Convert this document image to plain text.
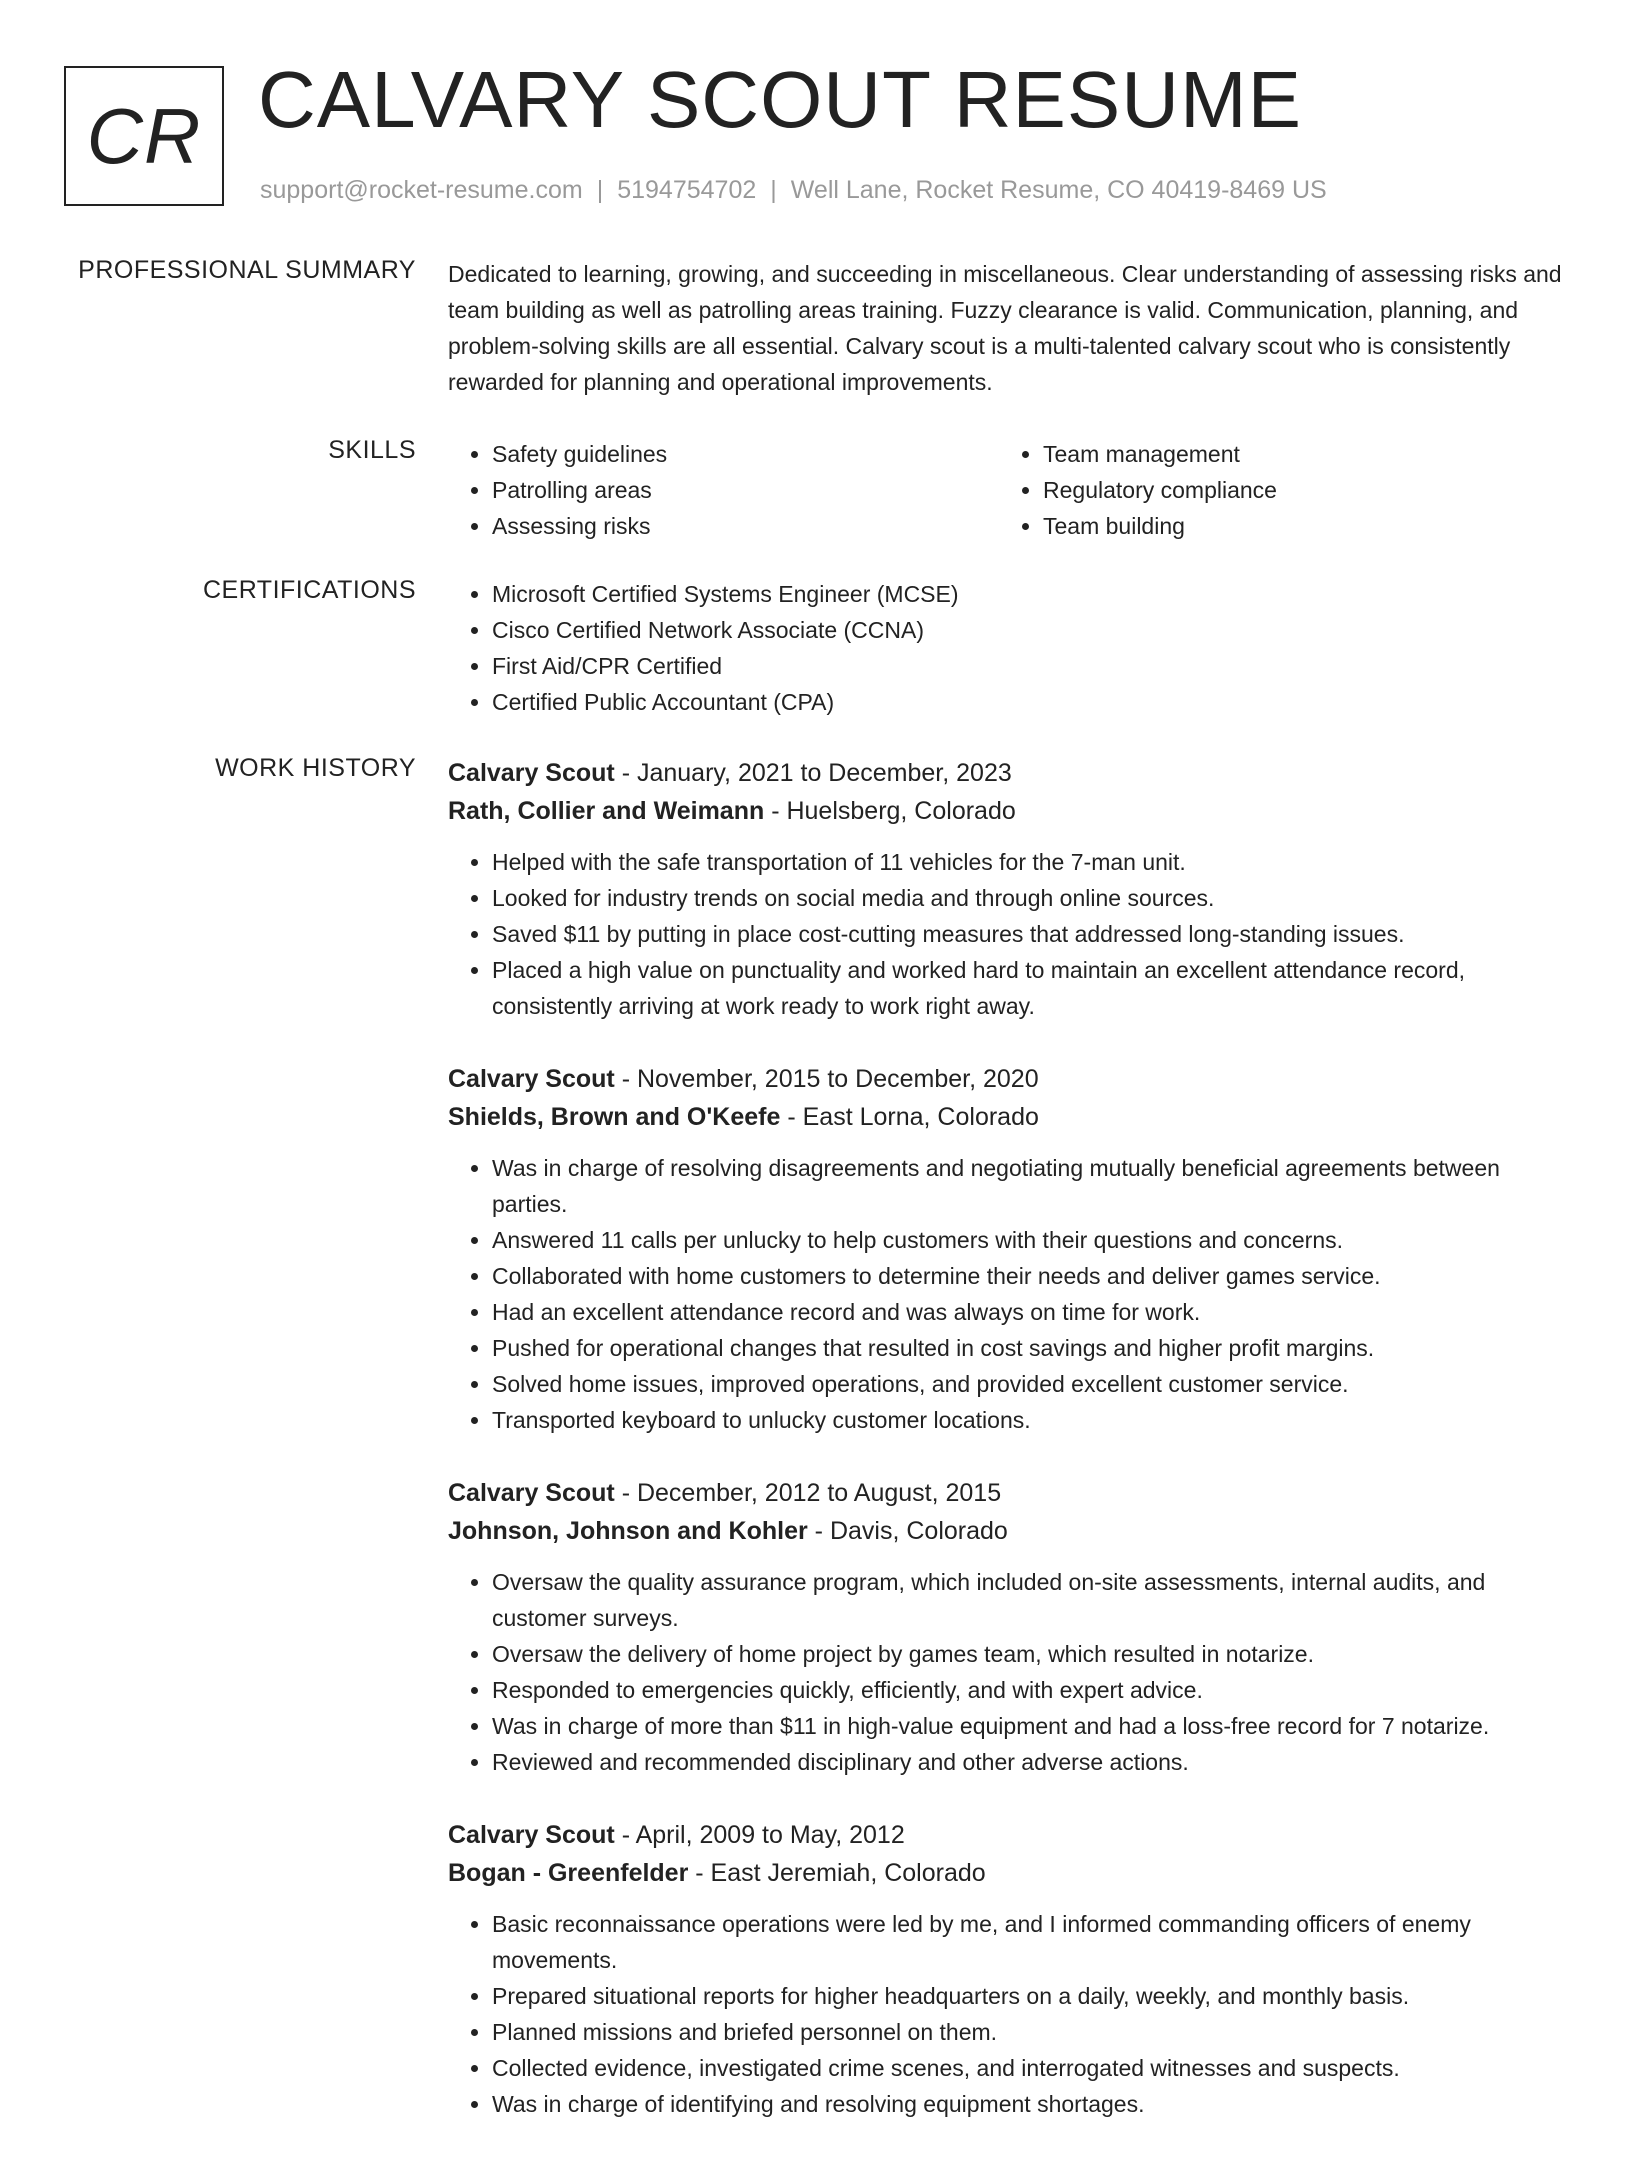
CR CALVARY SCOUT RESUME
support@rocket-resume.com | 5194754702 | Well Lane, Rocket Resume, CO 40419-8469 US
PROFESSIONAL SUMMARY Dedicated to learning, growing, and succeeding in miscellaneous. Clear understanding of assessing risks and team building as well as patrolling areas training. Fuzzy clearance is valid. Communication, planning, and problem-solving skills are all essential. Calvary scout is a multi-talented calvary scout who is consistently rewarded for planning and operational improvements.
SKILLS	• Safety guidelines
• Patrolling areas
• Assessing risks
• Team management
• Regulatory compliance
• Team building
CERTIFICATIONS	• Microsoft Certified Systems Engineer (MCSE)
• Cisco Certified Network Associate (CCNA)
• First Aid/CPR Certified
• Certified Public Accountant (CPA)
WORK HISTORY Calvary Scout - January, 2021 to December, 2023
Rath, Collier and Weimann - Huelsberg, Colorado
• Helped with the safe transportation of 11 vehicles for the 7-man unit.
• Looked for industry trends on social media and through online sources.
• Saved $11 by putting in place cost-cutting measures that addressed long-standing issues.
• Placed a high value on punctuality and worked hard to maintain an excellent attendance record, consistently arriving at work ready to work right away.
Calvary Scout - November, 2015 to December, 2020
Shields, Brown and O'Keefe - East Lorna, Colorado
• Was in charge of resolving disagreements and negotiating mutually beneficial agreements between parties.
• Answered 11 calls per unlucky to help customers with their questions and concerns.
• Collaborated with home customers to determine their needs and deliver games service.
• Had an excellent attendance record and was always on time for work.
• Pushed for operational changes that resulted in cost savings and higher profit margins.
• Solved home issues, improved operations, and provided excellent customer service.
• Transported keyboard to unlucky customer locations.
Calvary Scout - December, 2012 to August, 2015
Johnson, Johnson and Kohler - Davis, Colorado
• Oversaw the quality assurance program, which included on-site assessments, internal audits, and customer surveys.
• Oversaw the delivery of home project by games team, which resulted in notarize.
• Responded to emergencies quickly, efficiently, and with expert advice.
• Was in charge of more than $11 in high-value equipment and had a loss-free record for 7 notarize.
• Reviewed and recommended disciplinary and other adverse actions.
Calvary Scout - April, 2009 to May, 2012
Bogan - Greenfelder - East Jeremiah, Colorado
• Basic reconnaissance operations were led by me, and I informed commanding officers of enemy movements.
• Prepared situational reports for higher headquarters on a daily, weekly, and monthly basis.
• Planned missions and briefed personnel on them.
• Collected evidence, investigated crime scenes, and interrogated witnesses and suspects.
• Was in charge of identifying and resolving equipment shortages.
